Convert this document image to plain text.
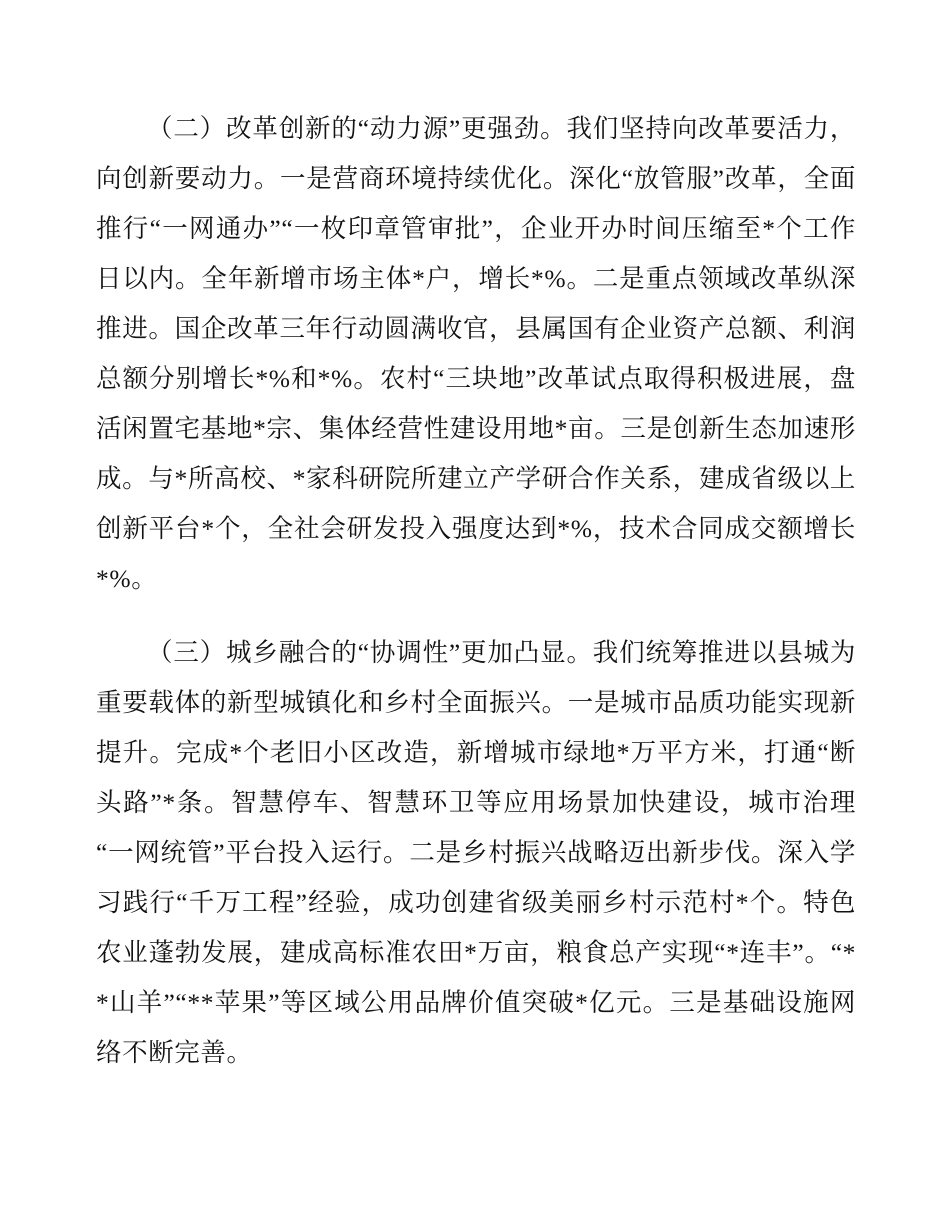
（二）改革创新的“动力源”更强劲。我们坚持向改革要活力，向创新要动力。一是营商环境持续优化。深化“放管服”改革，全面推行“一网通办”“一枚印章管审批”，企业开办时间压缩至*个工作日以内。全年新增市场主体*户，增长*%。二是重点领域改革纵深推进。国企改革三年行动圆满收官，县属国有企业资产总额、利润总额分别增长*%和*%。农村“三块地”改革试点取得积极进展，盘活闲置宅基地*宗、集体经营性建设用地*亩。三是创新生态加速形成。与*所高校、*家科研院所建立产学研合作关系，建成省级以上创新平台*个，全社会研发投入强度达到*%，技术合同成交额增长*%。

（三）城乡融合的“协调性”更加凸显。我们统筹推进以县城为重要载体的新型城镇化和乡村全面振兴。一是城市品质功能实现新提升。完成*个老旧小区改造，新增城市绿地*万平方米，打通“断头路”*条。智慧停车、智慧环卫等应用场景加快建设，城市治理“一网统管”平台投入运行。二是乡村振兴战略迈出新步伐。深入学习践行“千万工程”经验，成功创建省级美丽乡村示范村*个。特色农业蓬勃发展，建成高标准农田*万亩，粮食总产实现“*连丰”。“**山羊”“**苹果”等区域公用品牌价值突破*亿元。三是基础设施网络不断完善。
